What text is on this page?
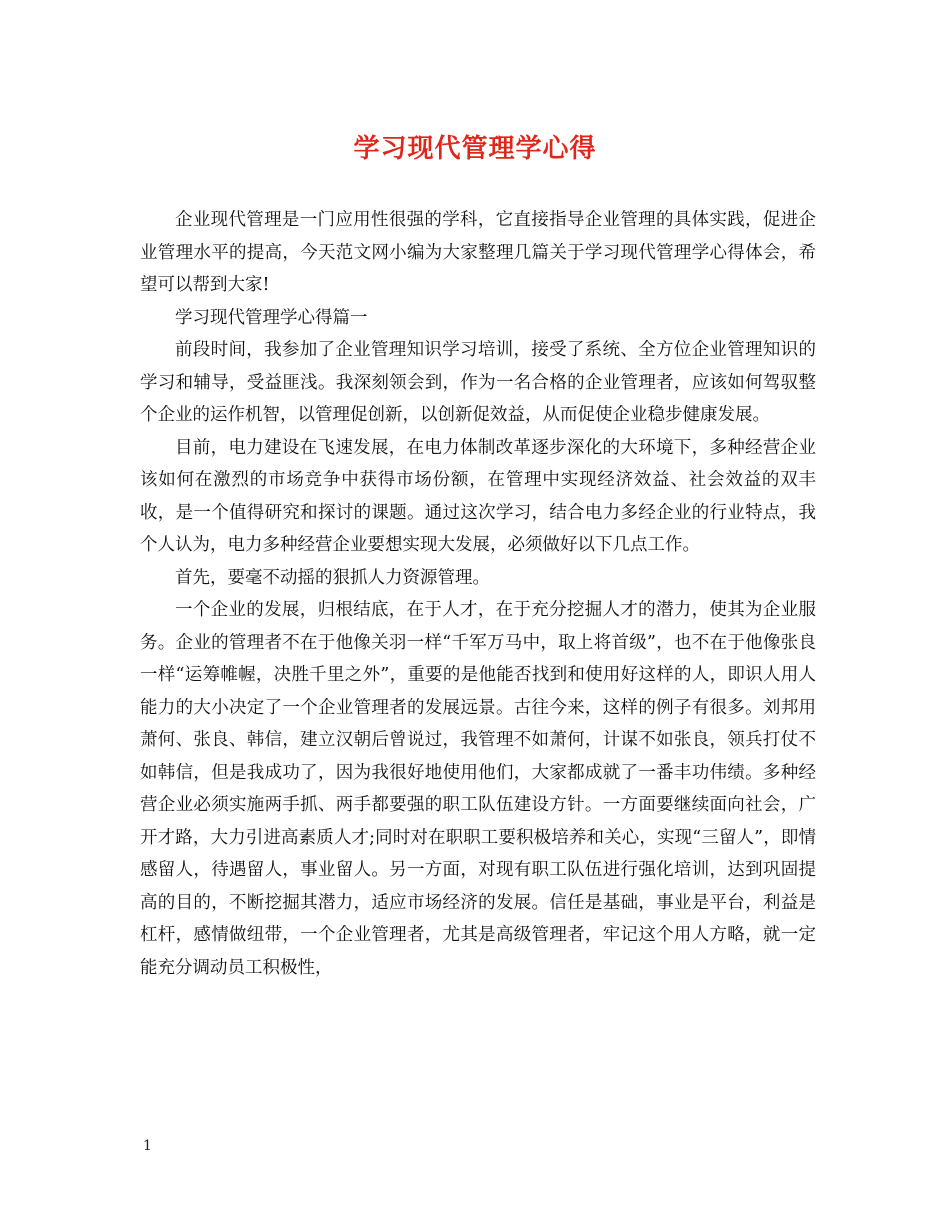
学习现代管理学心得

企业现代管理是一门应用性很强的学科，它直接指导企业管理的具体实践，促进企业管理水平的提高，今天范文网小编为大家整理几篇关于学习现代管理学心得体会，希望可以帮到大家!

学习现代管理学心得篇一

前段时间，我参加了企业管理知识学习培训，接受了系统、全方位企业管理知识的学习和辅导，受益匪浅。我深刻领会到，作为一名合格的企业管理者，应该如何驾驭整个企业的运作机智，以管理促创新，以创新促效益，从而促使企业稳步健康发展。

目前，电力建设在飞速发展，在电力体制改革逐步深化的大环境下，多种经营企业该如何在激烈的市场竞争中获得市场份额，在管理中实现经济效益、社会效益的双丰收，是一个值得研究和探讨的课题。通过这次学习，结合电力多经企业的行业特点，我个人认为，电力多种经营企业要想实现大发展，必须做好以下几点工作。

首先，要毫不动摇的狠抓人力资源管理。

一个企业的发展，归根结底，在于人才，在于充分挖掘人才的潜力，使其为企业服务。企业的管理者不在于他像关羽一样“千军万马中，取上将首级”，也不在于他像张良一样“运筹帷幄，决胜千里之外”，重要的是他能否找到和使用好这样的人，即识人用人能力的大小决定了一个企业管理者的发展远景。古往今来，这样的例子有很多。刘邦用萧何、张良、韩信，建立汉朝后曾说过，我管理不如萧何，计谋不如张良，领兵打仗不如韩信，但是我成功了，因为我很好地使用他们，大家都成就了一番丰功伟绩。多种经营企业必须实施两手抓、两手都要强的职工队伍建设方针。一方面要继续面向社会，广开才路，大力引进高素质人才;同时对在职职工要积极培养和关心，实现“三留人”，即情感留人，待遇留人，事业留人。另一方面，对现有职工队伍进行强化培训，达到巩固提高的目的，不断挖掘其潜力，适应市场经济的发展。信任是基础，事业是平台，利益是杠杆，感情做纽带，一个企业管理者，尤其是高级管理者，牢记这个用人方略，就一定能充分调动员工积极性，

1
